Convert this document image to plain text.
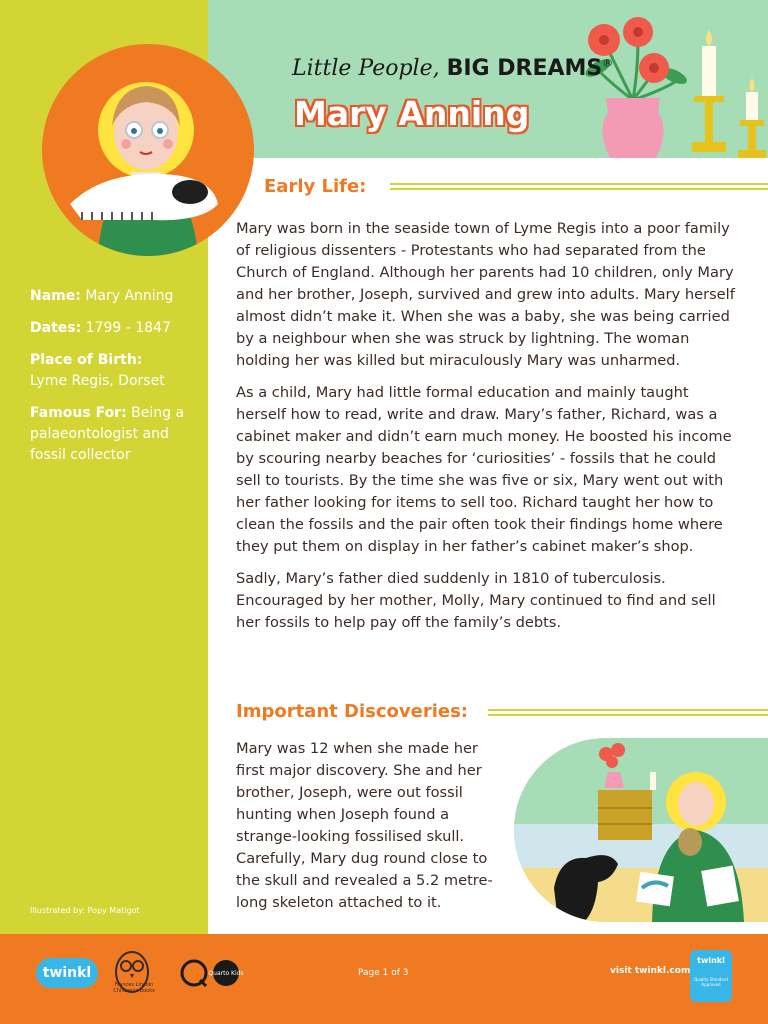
Name: Mary Anning
Dates: 1799 - 1847
Place of Birth:
Lyme Regis, Dorset
Famous For: Being a palaeontologist and fossil collector
Illustrated by: Popy Matigot
Little People, BIG DREAMS®
Mary Anning
Early Life:

Mary was born in the seaside town of Lyme Regis into a poor family of religious dissenters - Protestants who had separated from the Church of England. Although her parents had 10 children, only Mary and her brother, Joseph, survived and grew into adults. Mary herself almost didn’t make it. When she was a baby, she was being carried by a neighbour when she was struck by lightning. The woman holding her was killed but miraculously Mary was unharmed.

As a child, Mary had little formal education and mainly taught herself how to read, write and draw. Mary’s father, Richard, was a cabinet maker and didn’t earn much money. He boosted his income by scouring nearby beaches for ‘curiosities’ - fossils that he could sell to tourists. By the time she was five or six, Mary went out with her father looking for items to sell too. Richard taught her how to clean the fossils and the pair often took their findings home where they put them on display in her father’s cabinet maker’s shop.

Sadly, Mary’s father died suddenly in 1810 of tuberculosis. Encouraged by her mother, Molly, Mary continued to find and sell her fossils to help pay off the family’s debts.

Important Discoveries:

Mary was 12 when she made her first major discovery. She and her brother, Joseph, were out fossil hunting when Joseph found a strange-looking fossilised skull. Carefully, Mary dug round close to the skull and revealed a 5.2 metre-long skeleton attached to it.

twinkl
Frances Lincoln Children's Books
Quarto Kids	Page 1 of 3	visit twinkl.com
twinkl
Quality Standard Approved
